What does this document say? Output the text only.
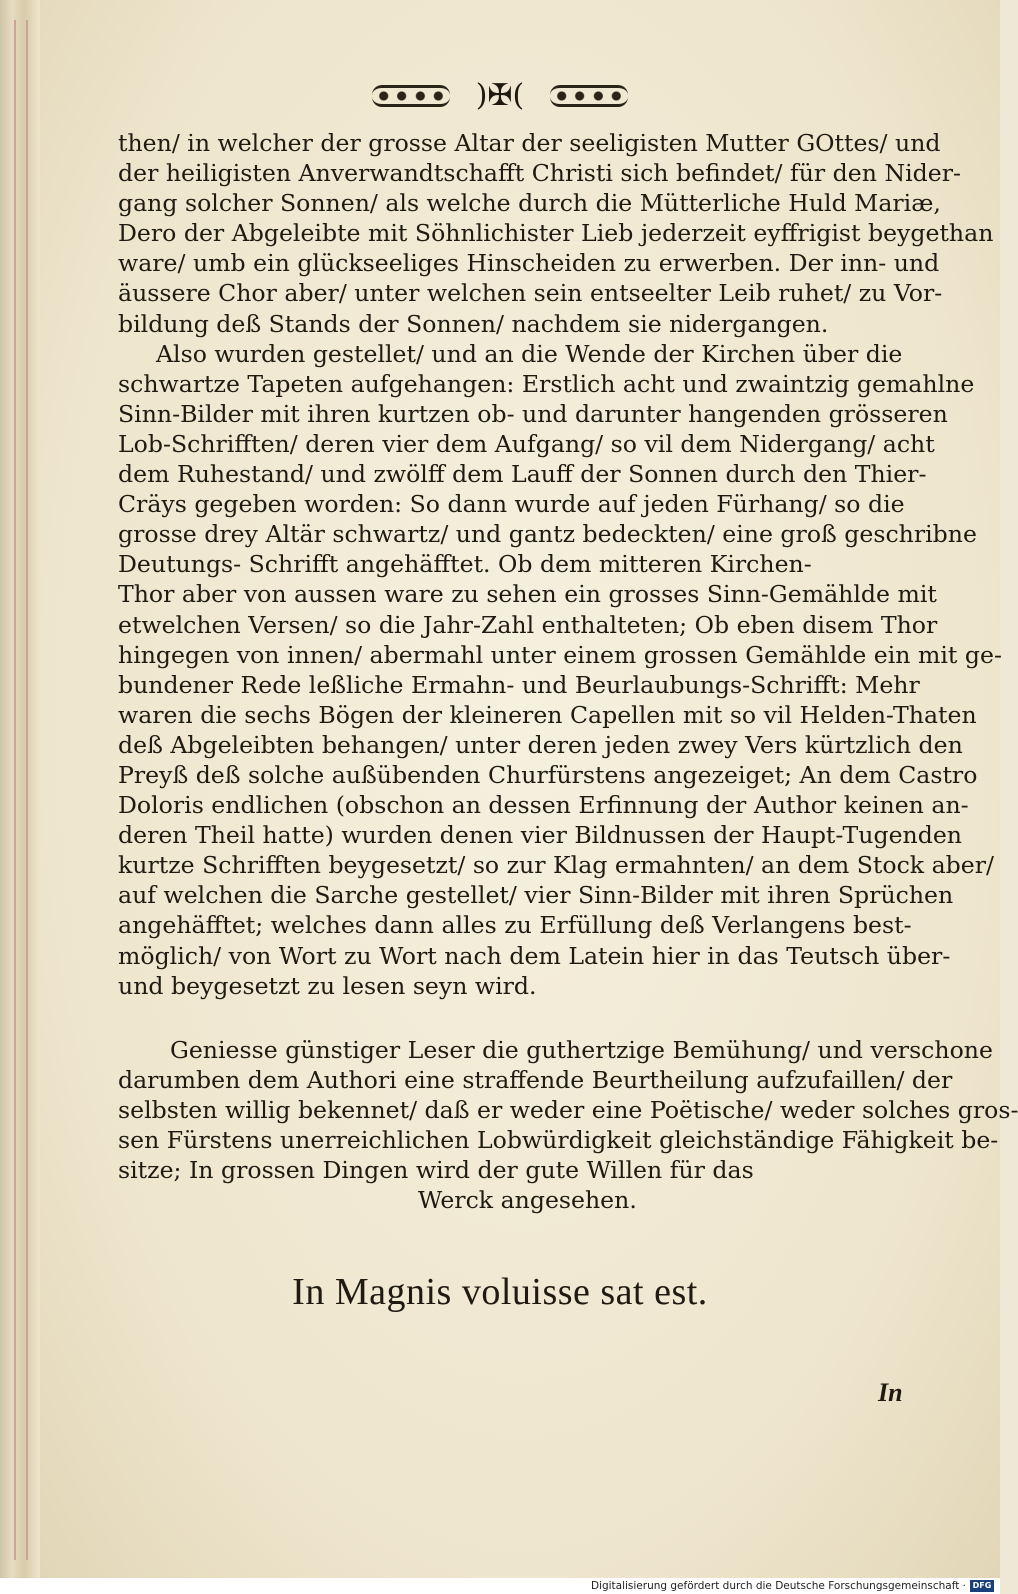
)✠(
then/ in welcher der grosse Altar der seeligisten Mutter GOttes/ und
der heiligisten Anverwandtschafft Christi sich befindet/ für den Nider-
gang solcher Sonnen/ als welche durch die Mütterliche Huld Mariæ,
Dero der Abgeleibte mit Söhnlichister Lieb jederzeit eyffrigist beygethan
ware/ umb ein glückseeliges Hinscheiden zu erwerben. Der inn- und
äussere Chor aber/ unter welchen sein entseelter Leib ruhet/ zu Vor-
bildung deß Stands der Sonnen/ nachdem sie nidergangen.
Also wurden gestellet/ und an die Wende der Kirchen über die
schwartze Tapeten aufgehangen: Erstlich acht und zwaintzig gemahlne
Sinn-Bilder mit ihren kurtzen ob- und darunter hangenden grösseren
Lob-Schrifften/ deren vier dem Aufgang/ so vil dem Nidergang/ acht
dem Ruhestand/ und zwölff dem Lauff der Sonnen durch den Thier-
Cräys gegeben worden: So dann wurde auf jeden Fürhang/ so die
grosse drey Altär schwartz/ und gantz bedeckten/ eine groß geschribne
Deutungs- Schrifft angehäfftet. Ob dem mitteren Kirchen-
Thor aber von aussen ware zu sehen ein grosses Sinn-Gemählde mit
etwelchen Versen/ so die Jahr-Zahl enthalteten; Ob eben disem Thor
hingegen von innen/ abermahl unter einem grossen Gemählde ein mit ge-
bundener Rede leßliche Ermahn- und Beurlaubungs-Schrifft: Mehr
waren die sechs Bögen der kleineren Capellen mit so vil Helden-Thaten
deß Abgeleibten behangen/ unter deren jeden zwey Vers kürtzlich den
Preyß deß solche außübenden Churfürstens angezeiget; An dem Castro
Doloris endlichen (obschon an dessen Erfinnung der Author keinen an-
deren Theil hatte) wurden denen vier Bildnussen der Haupt-Tugenden
kurtze Schrifften beygesetzt/ so zur Klag ermahnten/ an dem Stock aber/
auf welchen die Sarche gestellet/ vier Sinn-Bilder mit ihren Sprüchen
angehäfftet; welches dann alles zu Erfüllung deß Verlangens best-
möglich/ von Wort zu Wort nach dem Latein hier in das Teutsch über-
und beygesetzt zu lesen seyn wird.
Geniesse günstiger Leser die guthertzige Bemühung/ und verschone
darumben dem Authori eine straffende Beurtheilung aufzufaillen/ der
selbsten willig bekennet/ daß er weder eine Poëtische/ weder solches gros-
sen Fürstens unerreichlichen Lobwürdigkeit gleichständige Fähigkeit be-
sitze; In grossen Dingen wird der gute Willen für das
Werck angesehen.
In Magnis voluisse sat est.
In
Digitalisierung gefördert durch die Deutsche Forschungsgemeinschaft · DFG
